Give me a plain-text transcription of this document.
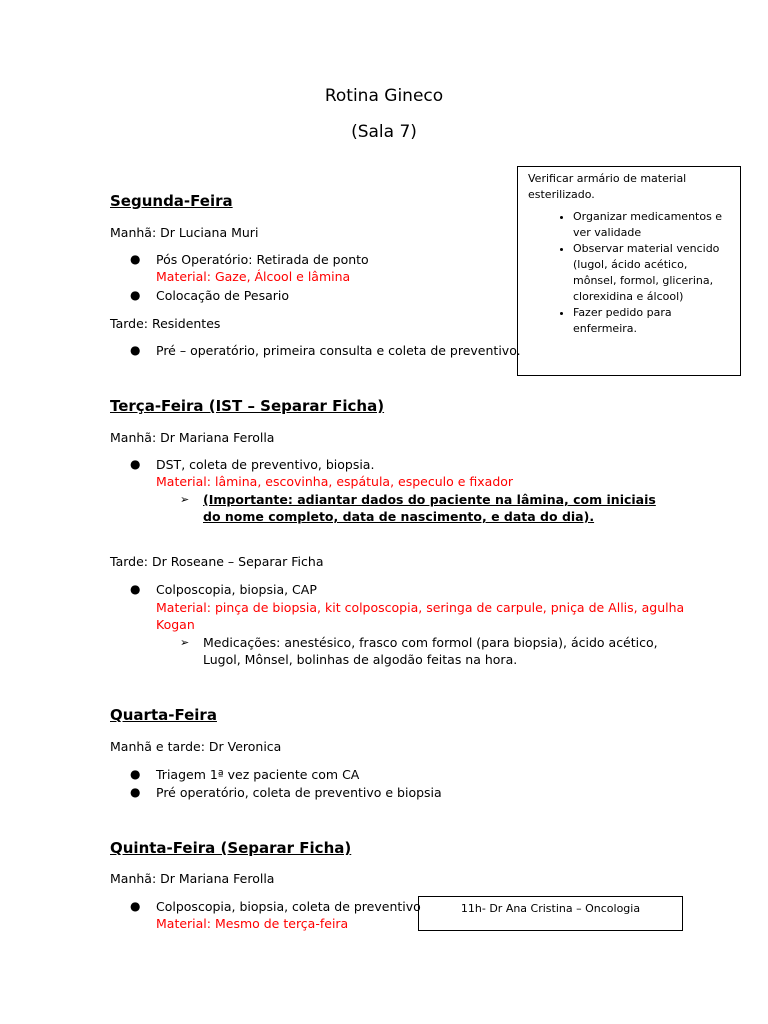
Rotina Gineco
(Sala 7)
Verificar armário de material esterilizado.
• Organizar medicamentos e ver validade
• Observar material vencido (lugol, ácido acético, mônsel, formol, glicerina, clorexidina e álcool)
• Fazer pedido para enfermeira.
Segunda-Feira
Manhã: Dr Luciana Muri
● Pós Operatório: Retirada de ponto
Material: Gaze, Álcool e lâmina
● Colocação de Pesario
Tarde: Residentes
● Pré – operatório, primeira consulta e coleta de preventivo.
Terça-Feira (IST – Separar Ficha)
Manhã: Dr Mariana Ferolla
● DST, coleta de preventivo, biopsia.
Material: lâmina, escovinha, espátula, especulo e fixador
➢ (Importante: adiantar dados do paciente na lâmina, com iniciais do nome completo, data de nascimento, e data do dia).
Tarde: Dr Roseane – Separar Ficha
● Colposcopia, biopsia, CAP
Material: pinça de biopsia, kit colposcopia, seringa de carpule, pniça de Allis, agulha
Kogan
➢ Medicações: anestésico, frasco com formol (para biopsia), ácido acético, Lugol, Mônsel, bolinhas de algodão feitas na hora.
Quarta-Feira
Manhã e tarde: Dr Veronica
● Triagem 1ª vez paciente com CA
● Pré operatório, coleta de preventivo e biopsia
Quinta-Feira (Separar Ficha)
Manhã: Dr Mariana Ferolla
● Colposcopia, biopsia, coleta de preventivo
Material: Mesmo de terça-feira
11h- Dr Ana Cristina – Oncologia
